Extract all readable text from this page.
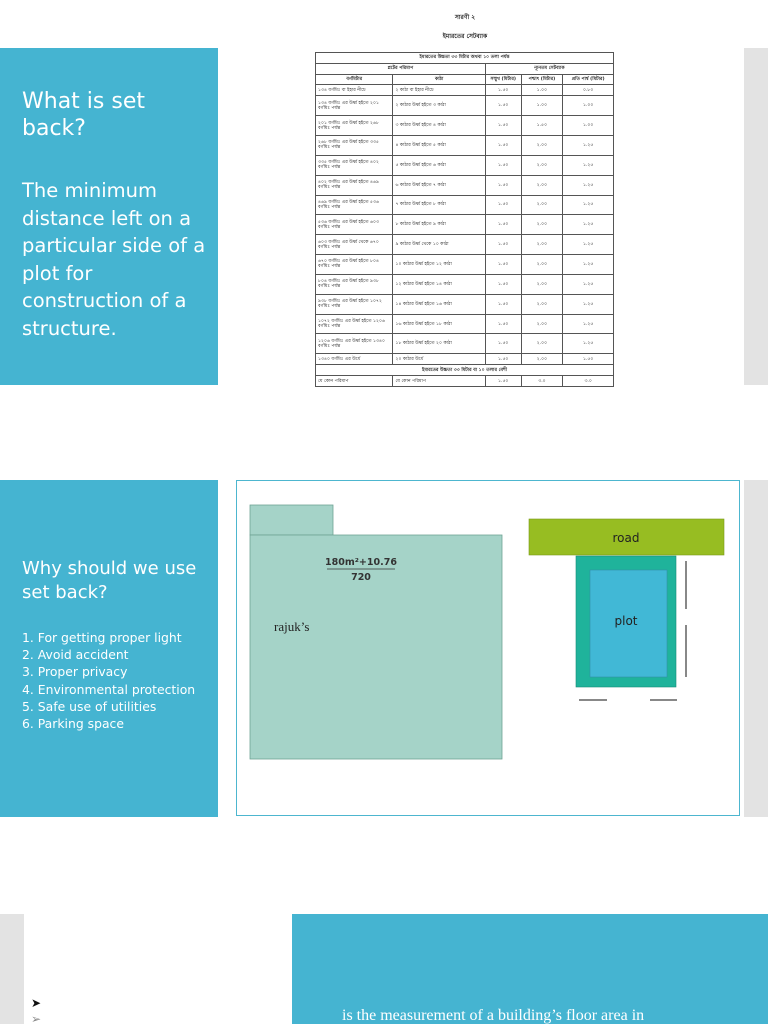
What is set back?
The minimum distance left on a particular side of a plot for construction of a structure.
সারণী ২
ইমারতের সেটব্যাক
ইমারতের উচ্চতা ৩৩ মিটার অথবা ১০ তলা পর্যন্ত				
প্লটের পরিমাপ		ন্যূনতম সেটব্যাক		
বর্গমিটার	কাঠা	সম্মুখ (মিটার)	পশ্চাৎ (মিটার)	প্রতি পার্শ্ব (মিটার)
১৩৪ বর্গমিঃ বা ইহার নীচে	২ কাঠা বা ইহার নীচে	১.৫০	১.০০	০.৮০
১৩৪ বর্গমিঃ এর উর্ধ্ব হইতে ২০১ বর্গমিঃ পর্যন্ত	২ কাঠার উর্ধ্ব হইতে ৩ কাঠা	১.৫০	১.০০	১.০০
২০১ বর্গমিঃ এর উর্ধ্ব হইতে ২৬৮ বর্গমিঃ পর্যন্ত	৩ কাঠার উর্ধ্ব হইতে ৪ কাঠা	১.৫০	১.৫০	১.০০
২৬৮ বর্গমিঃ এর উর্ধ্ব হইতে ৩৩৫ বর্গমিঃ পর্যন্ত	৪ কাঠার উর্ধ্ব হইতে ৫ কাঠা	১.৫০	২.০০	১.২৫
৩৩৫ বর্গমিঃ এর উর্ধ্ব হইতে ৪০২ বর্গমিঃ পর্যন্ত	৫ কাঠার উর্ধ্ব হইতে ৬ কাঠা	১.৫০	২.০০	১.২৫
৪০২ বর্গমিঃ এর উর্ধ্ব হইতে ৪৬৯ বর্গমিঃ পর্যন্ত	৬ কাঠার উর্ধ্ব হইতে ৭ কাঠা	১.৫০	২.০০	১.২৫
৪৬৯ বর্গমিঃ এর উর্ধ্ব হইতে ৫৩৬ বর্গমিঃ পর্যন্ত	৭ কাঠার উর্ধ্ব হইতে ৮ কাঠা	১.৫০	২.০০	১.২৫
৫৩৬ বর্গমিঃ এর উর্ধ্ব হইতে ৬০৩ বর্গমিঃ পর্যন্ত	৮ কাঠার উর্ধ্ব হইতে ৯ কাঠা	১.৫০	২.০০	১.২৫
৬০৩ বর্গমিঃ এর উর্ধ্ব থেকে ৬৭০ বর্গমিঃ পর্যন্ত	৯ কাঠার উর্ধ্ব থেকে ১০ কাঠা	১.৫০	২.০০	১.২৫
৬৭০ বর্গমিঃ এর উর্ধ্ব হইতে ৮০৪ বর্গমিঃ পর্যন্ত	১০ কাঠার উর্ধ্ব হইতে ১২ কাঠা	১.৫০	২.০০	১.২৫
৮০৪ বর্গমিঃ এর উর্ধ্ব হইতে ৯৩৮ বর্গমিঃ পর্যন্ত	১২ কাঠার উর্ধ্ব হইতে ১৪ কাঠা	১.৫০	২.০০	১.২৫
৯৩৮ বর্গমিঃ এর উর্ধ্ব হইতে ১০৭২ বর্গমিঃ পর্যন্ত	১৪ কাঠার উর্ধ্ব হইতে ১৬ কাঠা	১.৫০	২.০০	১.২৫
১০৭২ বর্গমিঃ এর উর্ধ্ব হইতে ১২০৬ বর্গমিঃ পর্যন্ত	১৬ কাঠার উর্ধ্ব হইতে ১৮ কাঠা	১.৫০	২.০০	১.২৫
১২০৬ বর্গমিঃ এর উর্ধ্ব হইতে ১৩৪০ বর্গমিঃ পর্যন্ত	১৮ কাঠার উর্ধ্ব হইতে ২০ কাঠা	১.৫০	২.০০	১.২৫
১৩৪০ বর্গমিঃ এর উর্ধে	২০ কাঠার উর্ধে	১.৫০	২.০০	১.৫০
ইমারতের উচ্চতা ৩৩ মিটার বা ১০ তলার বেশী				
যে কোন পরিমাপ	যে কোন পরিমাপ	১.৫০	৩.০	৩.০
Why should we use set back?
1. For getting proper light
2. Avoid accident
3. Proper privacy
4. Environmental protection
5. Safe use of utilities
6. Parking space
180m²+10.76
720
rajuk’s
road
plot
➤
➢	is the measurement of a building’s floor area in
